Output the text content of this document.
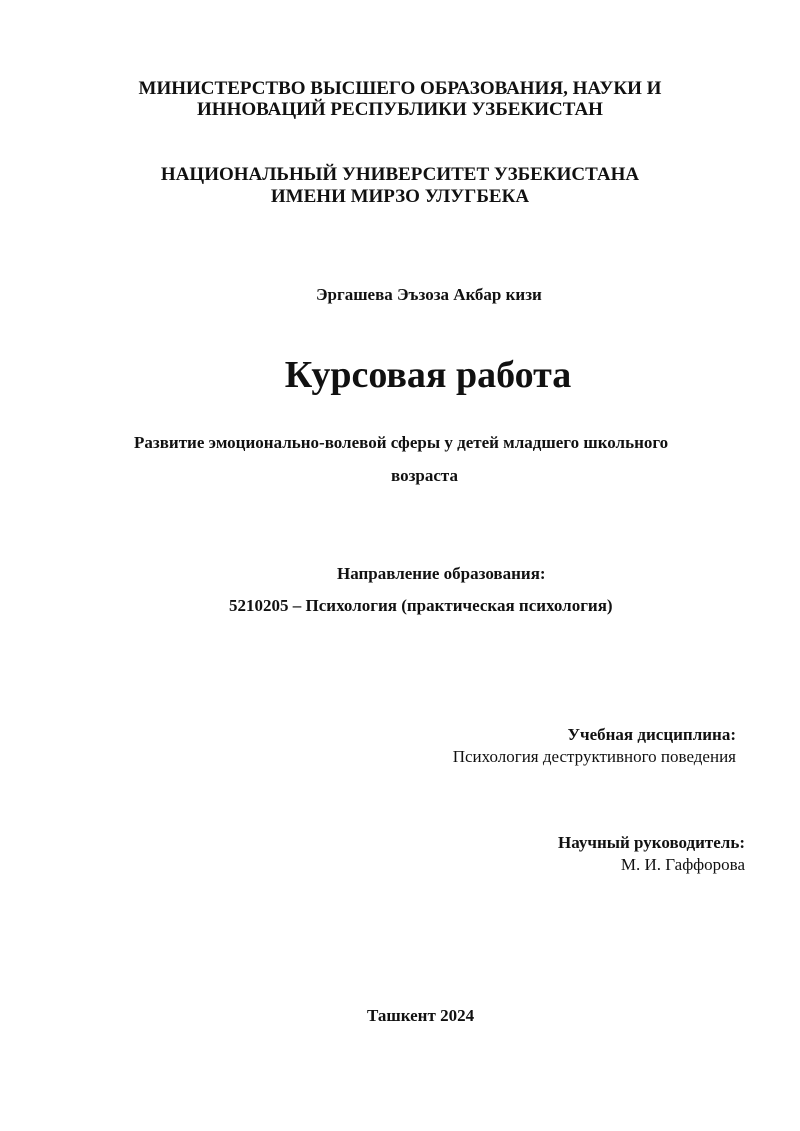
МИНИСТЕРСТВО ВЫСШЕГО ОБРАЗОВАНИЯ, НАУКИ И
ИННОВАЦИЙ РЕСПУБЛИКИ УЗБЕКИСТАН
НАЦИОНАЛЬНЫЙ УНИВЕРСИТЕТ УЗБЕКИСТАНА
ИМЕНИ МИРЗО УЛУГБЕКА
Эргашева Эъзоза Акбар кизи
Курсовая работа
Развитие эмоционально-волевой сферы у детей младшего школьного
возраста
Направление образования:
5210205 – Психология (практическая психология)
Учебная дисциплина:
Психология деструктивного поведения
Научный руководитель:
М. И. Гаффорова
Ташкент 2024
